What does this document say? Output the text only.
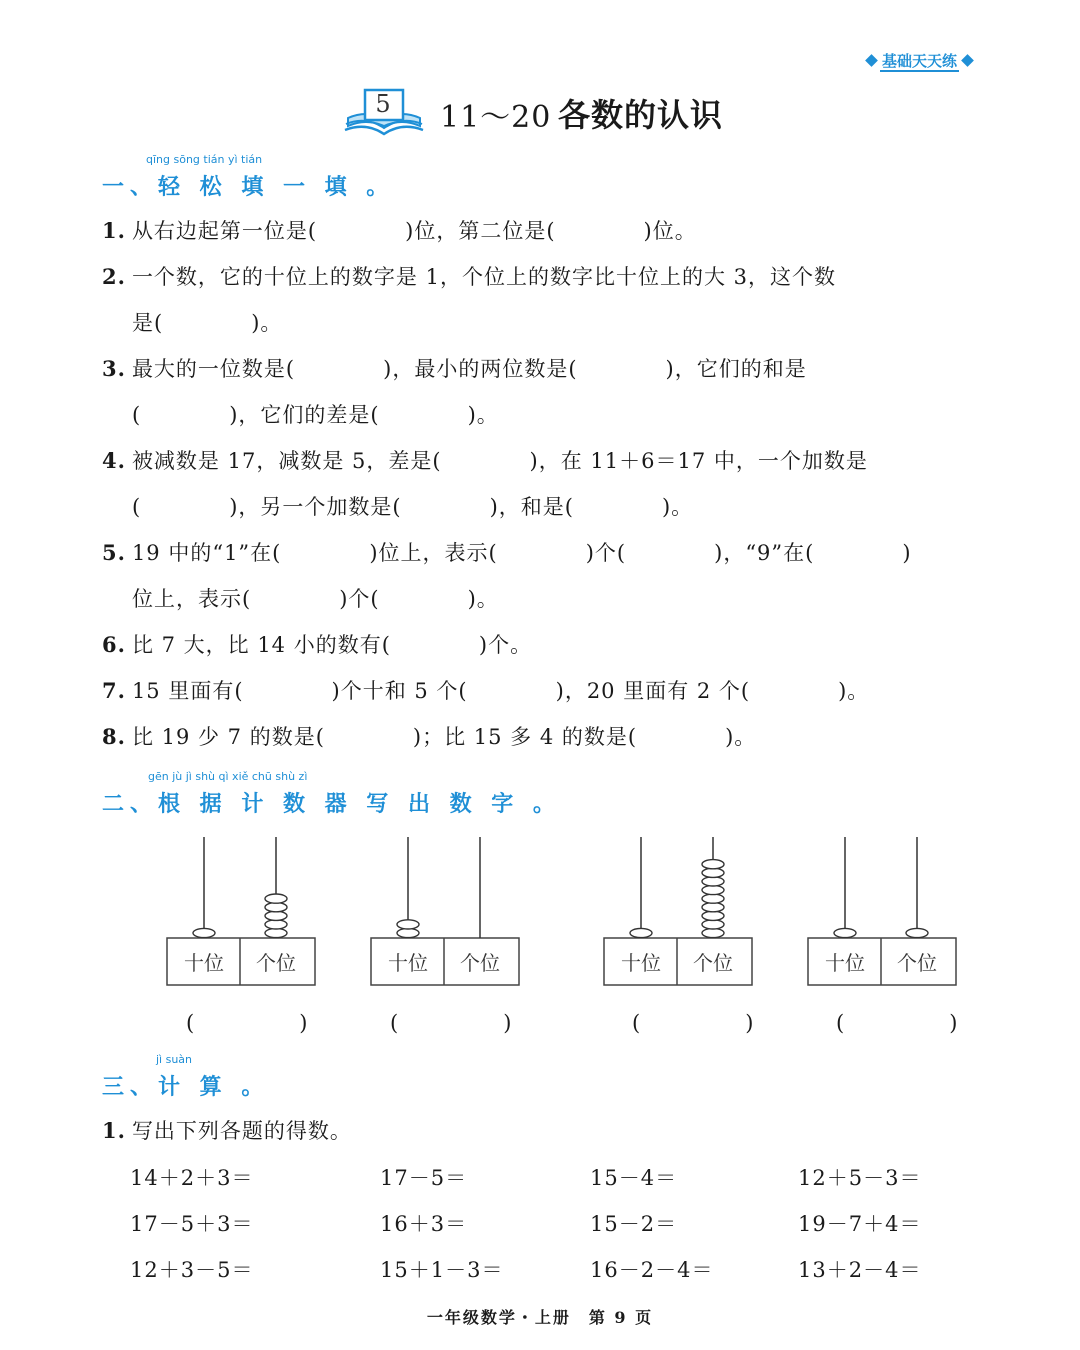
基础天天练
5	11～20 各数的认识
qīng sōng tián yì tián
一、轻 松 填 一 填 。
1. 从右边起第一位是(　　　　)位，第二位是(　　　　)位。
2. 一个数，它的十位上的数字是 1，个位上的数字比十位上的大 3，这个数
是(　　　　)。
3. 最大的一位数是(　　　　)，最小的两位数是(　　　　)，它们的和是
(　　　　)，它们的差是(　　　　)。
4. 被减数是 17，减数是 5，差是(　　　　)，在 11＋6＝17 中，一个加数是
(　　　　)，另一个加数是(　　　　)，和是(　　　　)。
5. 19 中的“1”在(　　　　)位上，表示(　　　　)个(　　　　)，“9”在(　　　　)
位上，表示(　　　　)个(　　　　)。
6. 比 7 大，比 14 小的数有(　　　　)个。
7. 15 里面有(　　　　)个十和 5 个(　　　　)，20 里面有 2 个(　　　　)。
8. 比 19 少 7 的数是(　　　　)；比 15 多 4 的数是(　　　　)。
gēn jù jì shù qì xiě chū shù zì
二、根 据 计 数 器 写 出 数 字 。
十位 个位	十位 个位	十位 个位	十位 个位
(　　　　　)	(　　　　　)	(　　　　　)	(　　　　　)
jì suàn
三、计 算 。
1. 写出下列各题的得数。
14＋2＋3＝	17－5＝	15－4＝	12＋5－3＝
17－5＋3＝	16＋3＝	15－2＝	19－7＋4＝
12＋3－5＝	15＋1－3＝	16－2－4＝	13＋2－4＝
一年级数学・上册　第 9 页
